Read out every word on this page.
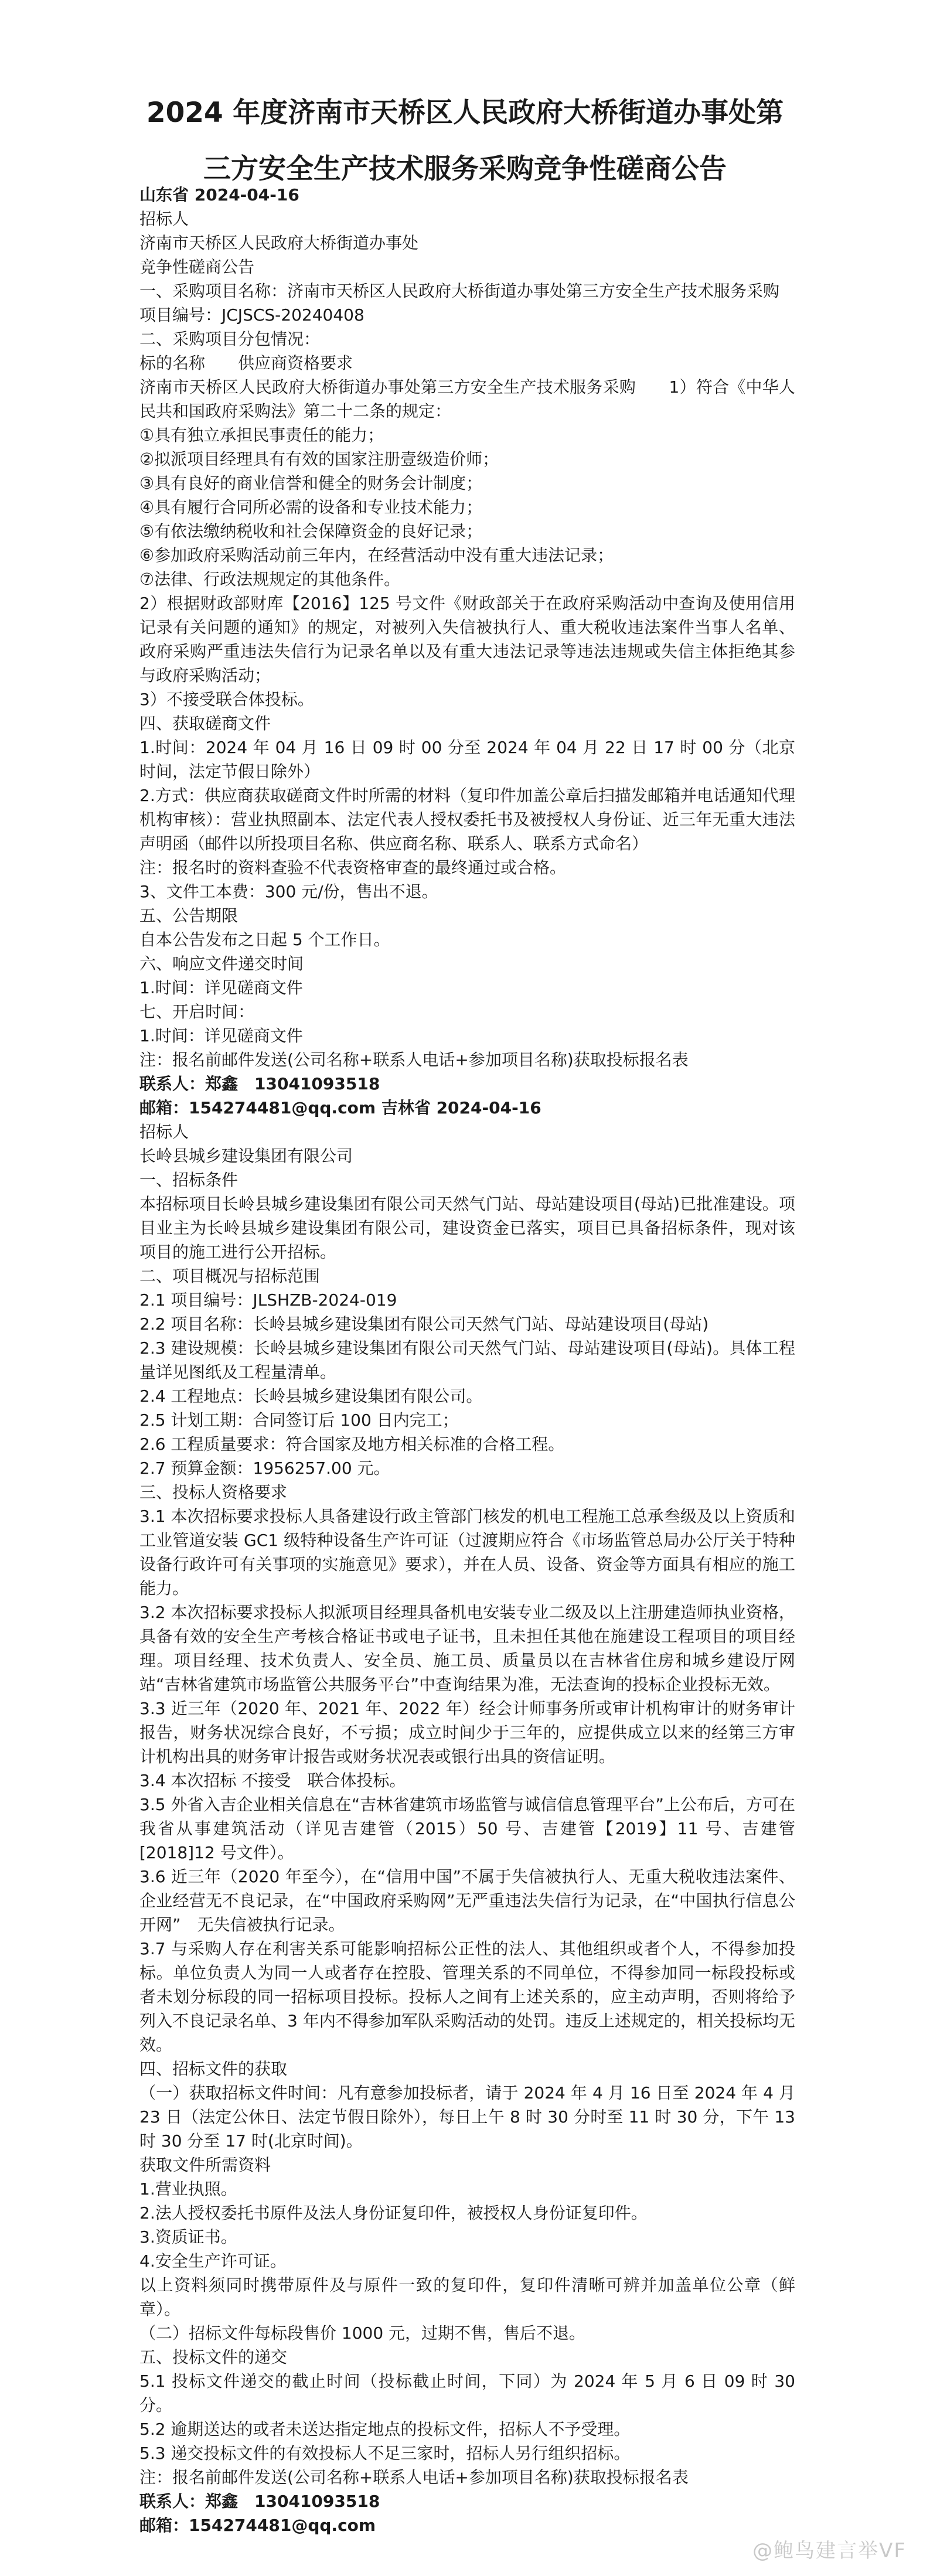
2024 年度济南市天桥区人民政府大桥街道办事处第
三方安全生产技术服务采购竞争性磋商公告
山东省 2024-04-16
招标人
济南市天桥区人民政府大桥街道办事处
竞争性磋商公告
一、采购项目名称：济南市天桥区人民政府大桥街道办事处第三方安全生产技术服务采购
项目编号：JCJSCS-20240408
二、采购项目分包情况：
标的名称　　供应商资格要求
济南市天桥区人民政府大桥街道办事处第三方安全生产技术服务采购　　1）符合《中华人民共和国政府采购法》第二十二条的规定：
①具有独立承担民事责任的能力；
②拟派项目经理具有有效的国家注册壹级造价师；
③具有良好的商业信誉和健全的财务会计制度；
④具有履行合同所必需的设备和专业技术能力；
⑤有依法缴纳税收和社会保障资金的良好记录；
⑥参加政府采购活动前三年内，在经营活动中没有重大违法记录；
⑦法律、行政法规规定的其他条件。
2）根据财政部财库【2016】125 号文件《财政部关于在政府采购活动中查询及使用信用记录有关问题的通知》的规定，对被列入失信被执行人、重大税收违法案件当事人名单、政府采购严重违法失信行为记录名单以及有重大违法记录等违法违规或失信主体拒绝其参与政府采购活动；
3）不接受联合体投标。
四、获取磋商文件
1.时间：2024 年 04 月 16 日 09 时 00 分至 2024 年 04 月 22 日 17 时 00 分（北京时间，法定节假日除外）
2.方式：供应商获取磋商文件时所需的材料（复印件加盖公章后扫描发邮箱并电话通知代理机构审核）：营业执照副本、法定代表人授权委托书及被授权人身份证、近三年无重大违法声明函（邮件以所投项目名称、供应商名称、联系人、联系方式命名）
注：报名时的资料查验不代表资格审查的最终通过或合格。
3、文件工本费：300 元/份，售出不退。
五、公告期限
自本公告发布之日起 5 个工作日。
六、响应文件递交时间
1.时间：详见磋商文件
七、开启时间：
1.时间：详见磋商文件
注：报名前邮件发送(公司名称+联系人电话+参加项目名称)获取投标报名表
联系人：郑鑫　13041093518
邮箱：154274481@qq.com 吉林省 2024-04-16
招标人
长岭县城乡建设集团有限公司
一、招标条件
本招标项目长岭县城乡建设集团有限公司天然气门站、母站建设项目(母站)已批准建设。项目业主为长岭县城乡建设集团有限公司，建设资金已落实，项目已具备招标条件，现对该项目的施工进行公开招标。
二、项目概况与招标范围
2.1 项目编号：JLSHZB-2024-019
2.2 项目名称：长岭县城乡建设集团有限公司天然气门站、母站建设项目(母站)
2.3 建设规模：长岭县城乡建设集团有限公司天然气门站、母站建设项目(母站)。具体工程量详见图纸及工程量清单。
2.4 工程地点：长岭县城乡建设集团有限公司。
2.5 计划工期：合同签订后 100 日内完工；
2.6 工程质量要求：符合国家及地方相关标准的合格工程。
2.7 预算金额：1956257.00 元。
三、投标人资格要求
3.1 本次招标要求投标人具备建设行政主管部门核发的机电工程施工总承叁级及以上资质和工业管道安装 GC1 级特种设备生产许可证（过渡期应符合《市场监管总局办公厅关于特种设备行政许可有关事项的实施意见》要求），并在人员、设备、资金等方面具有相应的施工能力。
3.2 本次招标要求投标人拟派项目经理具备机电安装专业二级及以上注册建造师执业资格，具备有效的安全生产考核合格证书或电子证书，且未担任其他在施建设工程项目的项目经理。项目经理、技术负责人、安全员、施工员、质量员以在吉林省住房和城乡建设厅网站“吉林省建筑市场监管公共服务平台”中查询结果为准，无法查询的投标企业投标无效。
3.3 近三年（2020 年、2021 年、2022 年）经会计师事务所或审计机构审计的财务审计报告，财务状况综合良好，不亏损；成立时间少于三年的，应提供成立以来的经第三方审计机构出具的财务审计报告或财务状况表或银行出具的资信证明。
3.4 本次招标 不接受　联合体投标。
3.5 外省入吉企业相关信息在“吉林省建筑市场监管与诚信信息管理平台”上公布后，方可在我省从事建筑活动（详见吉建管（2015）50 号、吉建管【2019】11 号、吉建管 [2018]12 号文件）。
3.6 近三年（2020 年至今），在“信用中国”不属于失信被执行人、无重大税收违法案件、企业经营无不良记录，在“中国政府采购网”无严重违法失信行为记录，在“中国执行信息公开网”　无失信被执行记录。
3.7 与采购人存在利害关系可能影响招标公正性的法人、其他组织或者个人，不得参加投标。单位负责人为同一人或者存在控股、管理关系的不同单位，不得参加同一标段投标或者未划分标段的同一招标项目投标。投标人之间有上述关系的，应主动声明，否则将给予列入不良记录名单、3 年内不得参加军队采购活动的处罚。违反上述规定的，相关投标均无效。
四、招标文件的获取
（一）获取招标文件时间：凡有意参加投标者，请于 2024 年 4 月 16 日至 2024 年 4 月 23 日（法定公休日、法定节假日除外），每日上午 8 时 30 分时至 11 时 30 分，下午 13 时 30 分至 17 时(北京时间)。
获取文件所需资料
1.营业执照。
2.法人授权委托书原件及法人身份证复印件，被授权人身份证复印件。
3.资质证书。
4.安全生产许可证。
以上资料须同时携带原件及与原件一致的复印件，复印件清晰可辨并加盖单位公章（鲜章）。
（二）招标文件每标段售价 1000 元，过期不售，售后不退。
五、投标文件的递交
5.1 投标文件递交的截止时间（投标截止时间，下同）为 2024 年 5 月 6 日 09 时 30 分。
5.2 逾期送达的或者未送达指定地点的投标文件，招标人不予受理。
5.3 递交投标文件的有效投标人不足三家时，招标人另行组织招标。
注：报名前邮件发送(公司名称+联系人电话+参加项目名称)获取投标报名表
联系人：郑鑫　13041093518
邮箱：154274481@qq.com
@鲍鸟建言举VF
